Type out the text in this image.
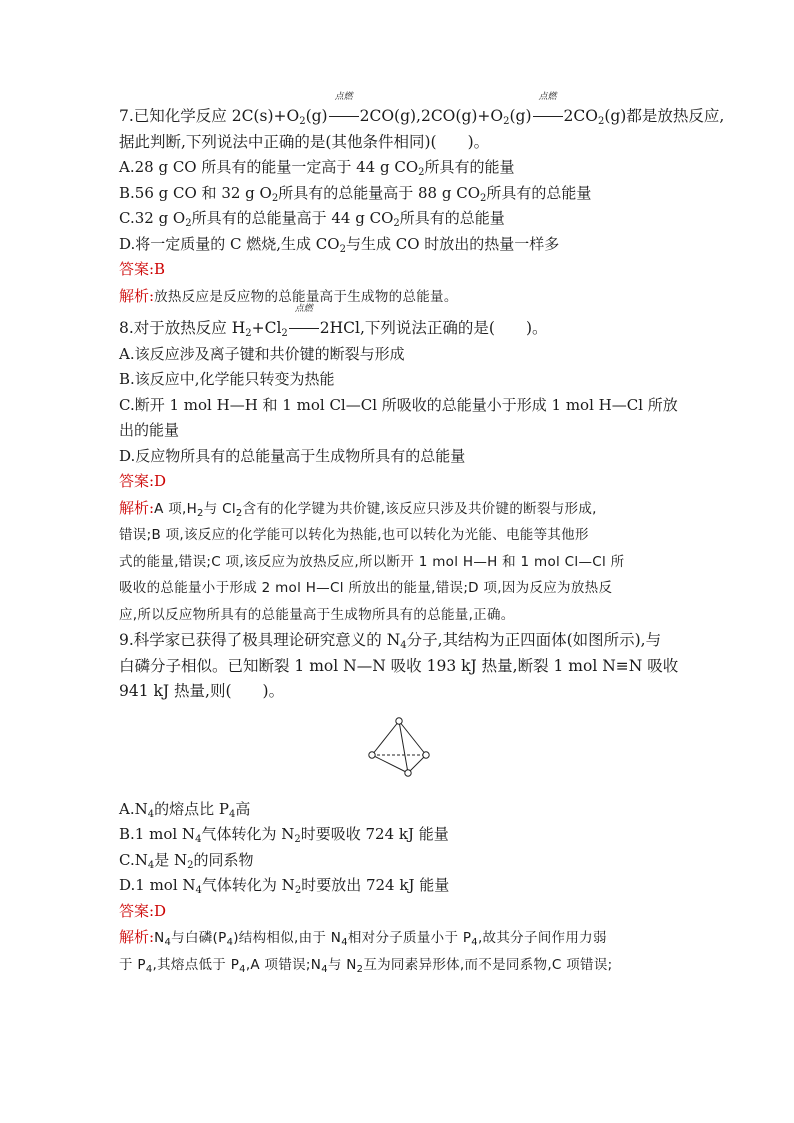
7.已知化学反应 $2C(s)+O_2(g)$
点燃
$2CO(g),2CO(g)+O_2(g)$
点燃
$2CO_2(g)$都是放热反应,
据此判断,下列说法中正确的是(其他条件相同)(　　)。
A.28 g CO 所具有的能量一定高于 44 g $CO_2$所具有的能量
B.56 g CO 和 32 g $O_2$所具有的总能量高于 88 g $CO_2$所具有的总能量
C.32 g $O_2$所具有的总能量高于 44 g $CO_2$所具有的总能量
D.将一定质量的 C 燃烧,生成 $CO_2$与生成 CO 时放出的热量一样多
答案:B
解析:放热反应是反应物的总能量高于生成物的总能量。
8.对于放热反应 $H_2+Cl_2$
点燃
2HCl,下列说法正确的是(　　)。
A.该反应涉及离子键和共价键的断裂与形成
B.该反应中,化学能只转变为热能
C.断开 1 mol H—H 和 1 mol Cl—Cl 所吸收的总能量小于形成 1 mol H—Cl 所放
出的能量
D.反应物所具有的总能量高于生成物所具有的总能量
答案:D
解析:A 项$,H_2$与 $Cl_2$含有的化学键为共价键,该反应只涉及共价键的断裂与形成,
错误;B 项,该反应的化学能可以转化为热能,也可以转化为光能、电能等其他形
式的能量,错误;C 项,该反应为放热反应,所以断开 1 mol H—H 和 1 mol Cl—Cl 所
吸收的总能量小于形成 2 mol H—Cl 所放出的能量,错误;D 项,因为反应为放热反
应,所以反应物所具有的总能量高于生成物所具有的总能量,正确。
9.科学家已获得了极具理论研究意义的 $N_4$分子,其结构为正四面体(如图所示),与
白磷分子相似。已知断裂 1 mol N—N 吸收 193 kJ 热量,断裂 1 mol N≡N 吸收
941 kJ 热量,则(　　)。
$A.N_4$的熔点比 $P_4$高
B.1 mol $N_4$气体转化为 $N_2$时要吸收 724 kJ 能量
$C.N_4$是 $N_2$的同系物
D.1 mol $N_4$气体转化为 $N_2$时要放出 724 kJ 能量
答案:D
解析$:N_4$与白磷$(P_4)$结构相似,由于 $N_4$相对分子质量小于 $P_4$,故其分子间作用力弱
于 $P_4$,其熔点低于 $P_4,A$ 项错误$;N_4$与 $N_2$互为同素异形体,而不是同系物,C 项错误;
